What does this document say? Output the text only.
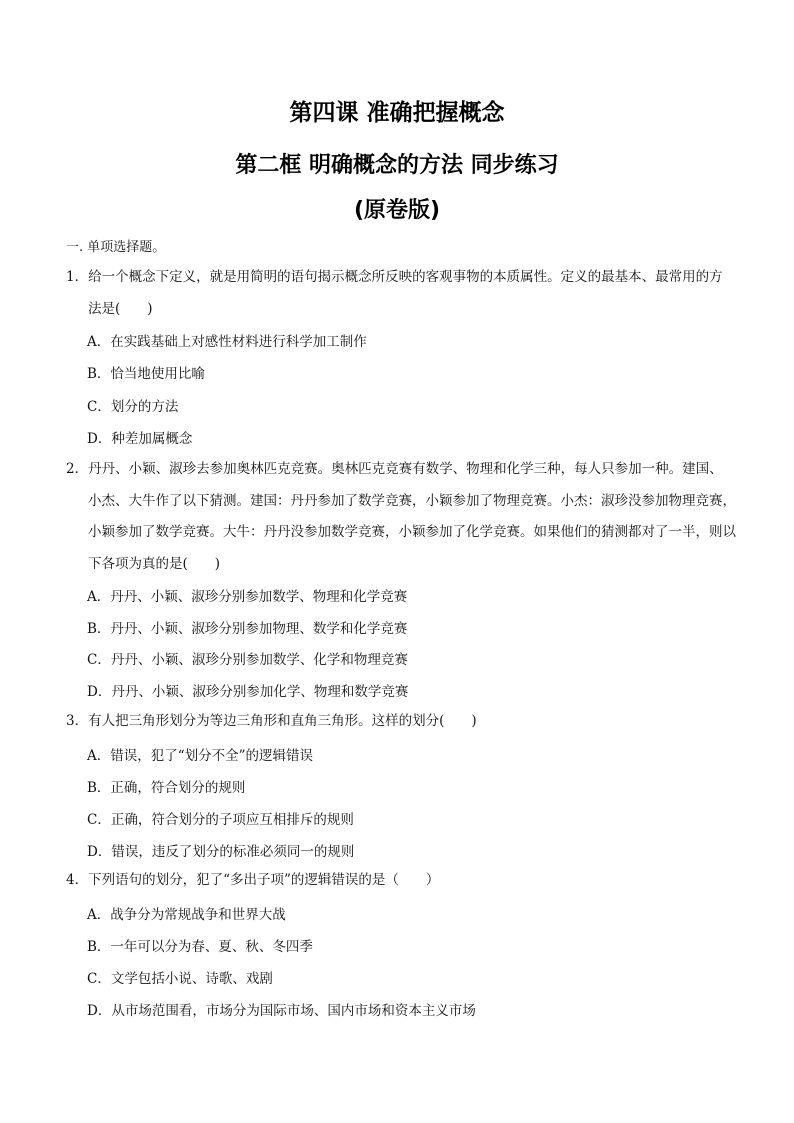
第四课 准确把握概念
第二框 明确概念的方法 同步练习
(原卷版)
一. 单项选择题。
1．给一个概念下定义，就是用简明的语句揭示概念所反映的客观事物的本质属性。定义的最基本、最常用的方法是(　　)
A．在实践基础上对感性材料进行科学加工制作
B．恰当地使用比喻
C．划分的方法
D．种差加属概念
2．丹丹、小颖、淑珍去参加奥林匹克竞赛。奥林匹克竞赛有数学、物理和化学三种，每人只参加一种。建国、小杰、大牛作了以下猜测。建国：丹丹参加了数学竞赛，小颖参加了物理竞赛。小杰：淑珍没参加物理竞赛，小颖参加了数学竞赛。大牛：丹丹没参加数学竞赛，小颖参加了化学竞赛。如果他们的猜测都对了一半，则以下各项为真的是(　　)
A．丹丹、小颖、淑珍分别参加数学、物理和化学竞赛
B．丹丹、小颖、淑珍分别参加物理、数学和化学竞赛
C．丹丹、小颖、淑珍分别参加数学、化学和物理竞赛
D．丹丹、小颖、淑珍分别参加化学、物理和数学竞赛
3．有人把三角形划分为等边三角形和直角三角形。这样的划分(　　)
A．错误，犯了“划分不全”的逻辑错误
B．正确，符合划分的规则
C．正确，符合划分的子项应互相排斥的规则
D．错误，违反了划分的标准必须同一的规则
4．下列语句的划分，犯了“多出子项”的逻辑错误的是（　　）
A．战争分为常规战争和世界大战
B．一年可以分为春、夏、秋、冬四季
C．文学包括小说、诗歌、戏剧
D．从市场范围看，市场分为国际市场、国内市场和资本主义市场
